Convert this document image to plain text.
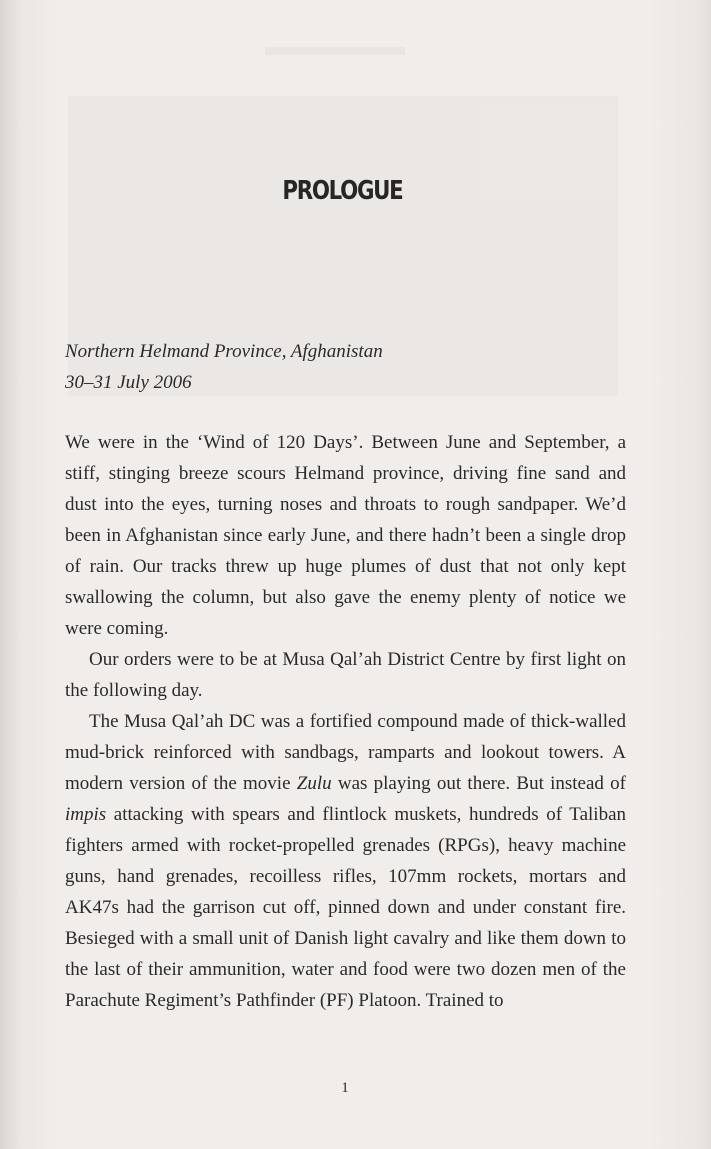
PROLOGUE
Northern Helmand Province, Afghanistan
30–31 July 2006

We were in the ‘Wind of 120 Days’. Between June and September, a stiff, stinging breeze scours Helmand province, driving fine sand and dust into the eyes, turning noses and throats to rough sandpaper. We’d been in Afghanistan since early June, and there hadn’t been a single drop of rain. Our tracks threw up huge plumes of dust that not only kept swallowing the column, but also gave the enemy plenty of notice we were coming.

Our orders were to be at Musa Qal’ah District Centre by first light on the following day.

The Musa Qal’ah DC was a fortified compound made of thick-walled mud-brick reinforced with sandbags, ramparts and lookout towers. A modern version of the movie Zulu was playing out there. But instead of impis attacking with spears and flintlock muskets, hundreds of Taliban fighters armed with rocket-propelled grenades (RPGs), heavy machine guns, hand grenades, recoilless rifles, 107mm rockets, mortars and AK47s had the garrison cut off, pinned down and under constant fire. Besieged with a small unit of Danish light cavalry and like them down to the last of their ammunition, water and food were two dozen men of the Parachute Regiment’s Pathfinder (PF) Platoon. Trained to

1
